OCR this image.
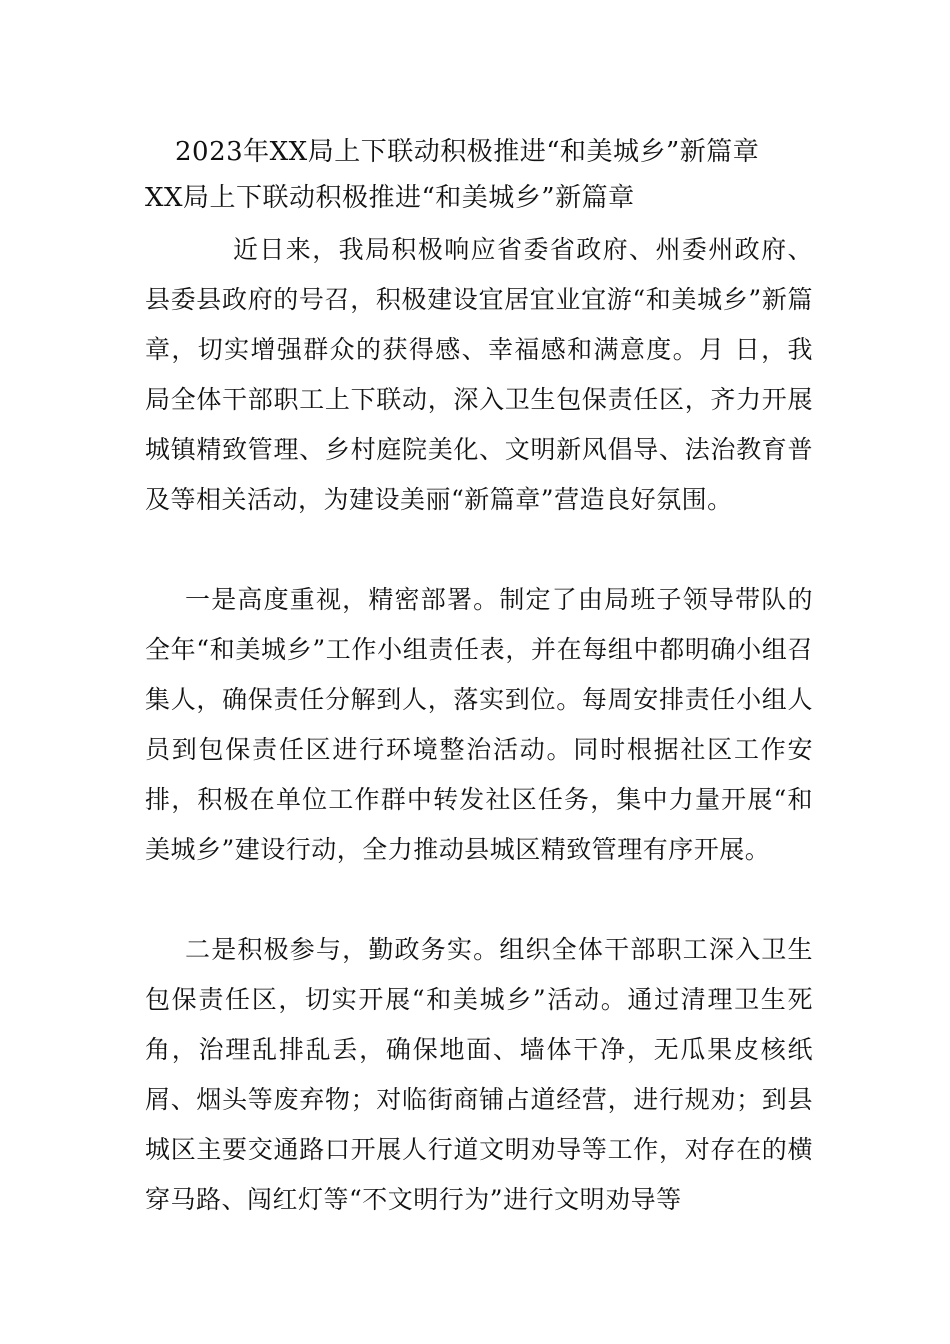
2023年XX局上下联动积极推进“和美城乡”新篇章
XX局上下联动积极推进“和美城乡”新篇章

近日来，我局积极响应省委省政府、州委州政府、县委县政府的号召，积极建设宜居宜业宜游“和美城乡”新篇章，切实增强群众的获得感、幸福感和满意度。月 日，我局全体干部职工上下联动，深入卫生包保责任区，齐力开展城镇精致管理、乡村庭院美化、文明新风倡导、法治教育普及等相关活动，为建设美丽“新篇章”营造良好氛围。

一是高度重视，精密部署。制定了由局班子领导带队的全年“和美城乡”工作小组责任表，并在每组中都明确小组召集人，确保责任分解到人，落实到位。每周安排责任小组人员到包保责任区进行环境整治活动。同时根据社区工作安排，积极在单位工作群中转发社区任务，集中力量开展“和美城乡”建设行动，全力推动县城区精致管理有序开展。

二是积极参与，勤政务实。组织全体干部职工深入卫生包保责任区，切实开展“和美城乡”活动。通过清理卫生死角，治理乱排乱丢，确保地面、墙体干净，无瓜果皮核纸屑、烟头等废弃物；对临街商铺占道经营，进行规劝；到县城区主要交通路口开展人行道文明劝导等工作，对存在的横穿马路、闯红灯等“不文明行为”进行文明劝导等
